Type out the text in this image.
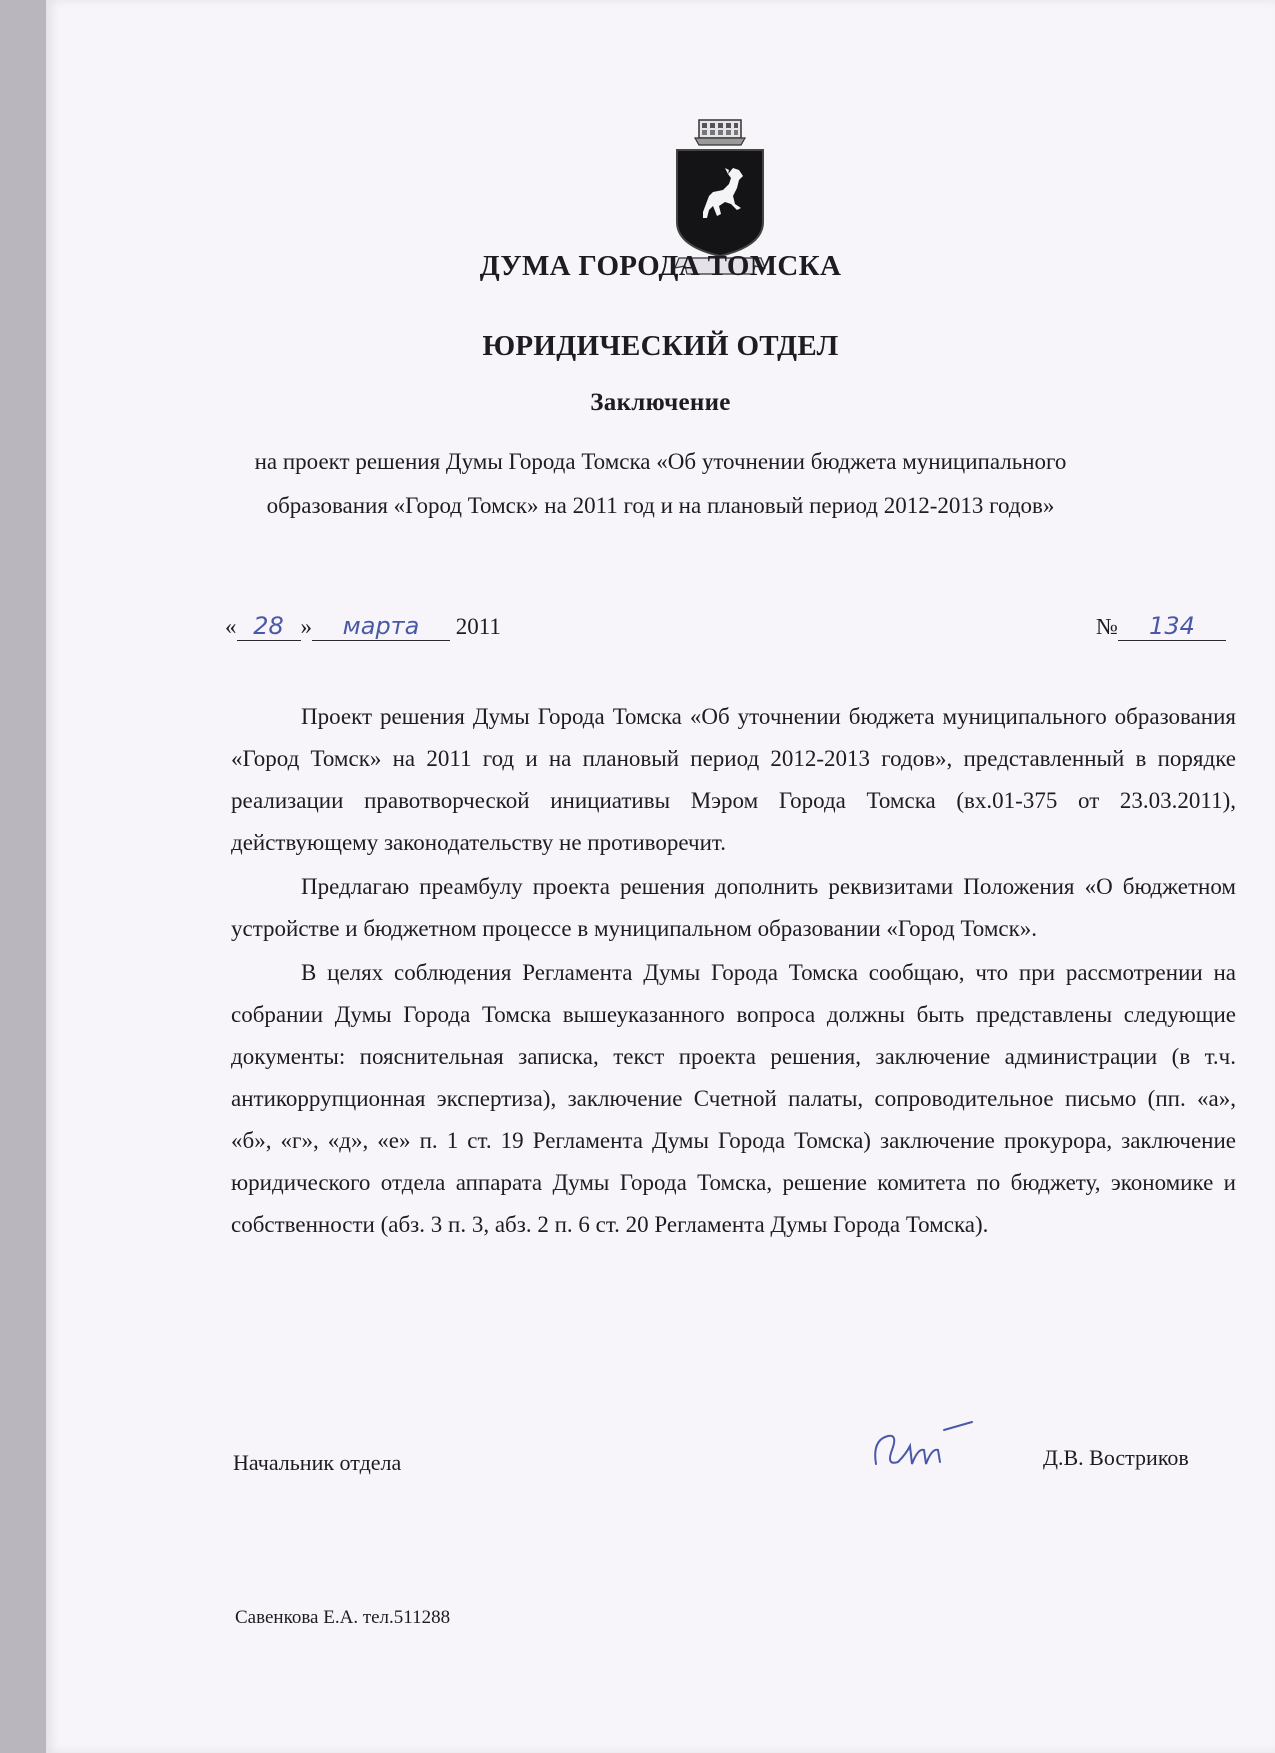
ДУМА ГОРОДА ТОМСКА
ЮРИДИЧЕСКИЙ ОТДЕЛ
Заключение
на проект решения Думы Города Томска «Об уточнении бюджета муниципального
образования «Город Томск» на 2011 год и на плановый период 2012-2013 годов»
« 28 » марта 2011	№ 134

Проект решения Думы Города Томска «Об уточнении бюджета муниципального образования «Город Томск» на 2011 год и на плановый период 2012-2013 годов», представленный в порядке реализации правотворческой инициативы Мэром Города Томска (вх.01-375 от 23.03.2011), действующему законодательству не противоречит.

Предлагаю преамбулу проекта решения дополнить реквизитами Положения «О бюджетном устройстве и бюджетном процессе в муниципальном образовании «Город Томск».

В целях соблюдения Регламента Думы Города Томска сообщаю, что при рассмотрении на собрании Думы Города Томска вышеуказанного вопроса должны быть представлены следующие документы: пояснительная записка, текст проекта решения, заключение администрации (в т.ч. антикоррупционная экспертиза), заключение Счетной палаты, сопроводительное письмо (пп. «а», «б», «г», «д», «е» п. 1 ст. 19 Регламента Думы Города Томска) заключение прокурора, заключение юридического отдела аппарата Думы Города Томска, решение комитета по бюджету, экономике и собственности (абз. 3 п. 3, абз. 2 п. 6 ст. 20 Регламента Думы Города Томска).

Начальник отдела	Д.В. Востриков
Савенкова Е.А. тел.511288
